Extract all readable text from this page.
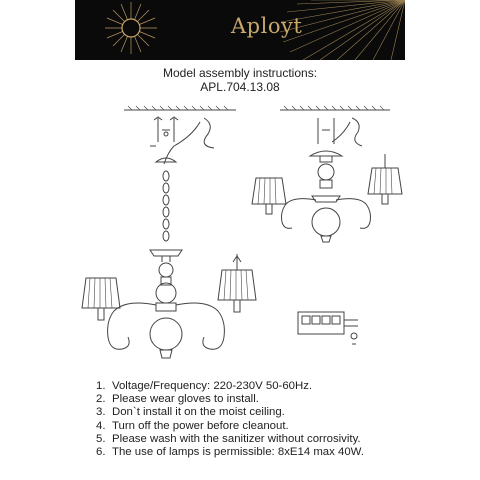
Aployt
Model assembly instructions:
APL.704.13.08
1. Voltage/Frequency: 220-230V 50-60Hz.
2. Please wear gloves to install.
3. Don`t install it on the moist ceiling.
4. Turn off the power before cleanout.
5. Please wash with the sanitizer without corrosivity.
6. The use of lamps is permissible: 8xE14 max 40W.
